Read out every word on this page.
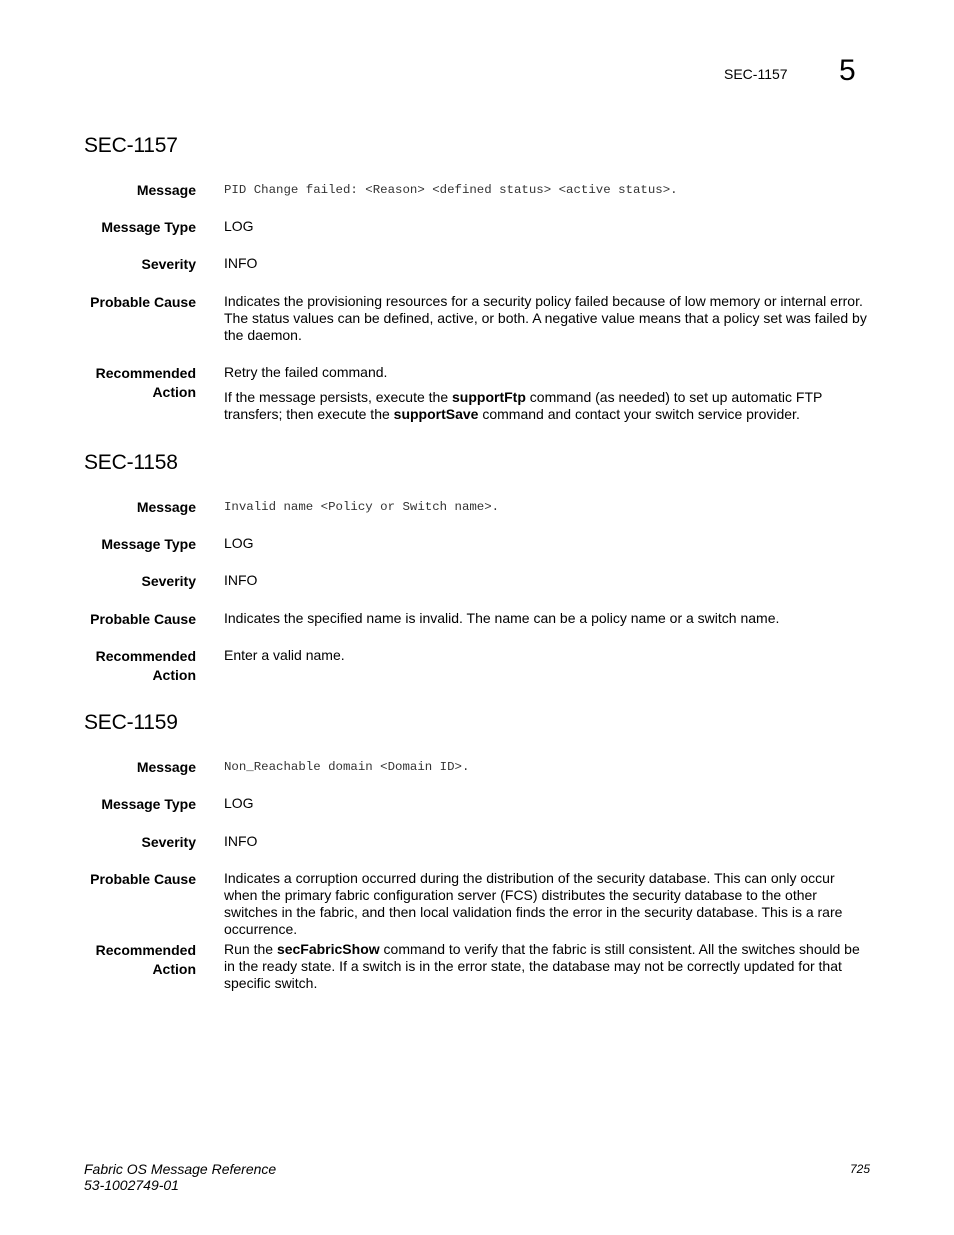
SEC-1157 5
SEC-1157
Message PID Change failed: <Reason> <defined status> <active status>.
Message Type LOG
Severity INFO
Probable Cause Indicates the provisioning resources for a security policy failed because of low memory or internal error. The status values can be defined, active, or both. A negative value means that a policy set was failed by the daemon.
Recommended
Action

Retry the failed command.

If the message persists, execute the supportFtp command (as needed) to set up automatic FTP transfers; then execute the supportSave command and contact your switch service provider.

SEC-1158
Message Invalid name <Policy or Switch name>.
Message Type LOG
Severity INFO
Probable Cause Indicates the specified name is invalid. The name can be a policy name or a switch name.
Recommended
Action
Enter a valid name.
SEC-1159
Message Non_Reachable domain <Domain ID>.
Message Type LOG
Severity INFO
Probable Cause Indicates a corruption occurred during the distribution of the security database. This can only occur when the primary fabric configuration server (FCS) distributes the security database to the other switches in the fabric, and then local validation finds the error in the security database. This is a rare occurrence.
Recommended
Action
Run the secFabricShow command to verify that the fabric is still consistent. All the switches should be in the ready state. If a switch is in the error state, the database may not be correctly updated for that specific switch.
Fabric OS Message Reference
53-1002749-01
725
